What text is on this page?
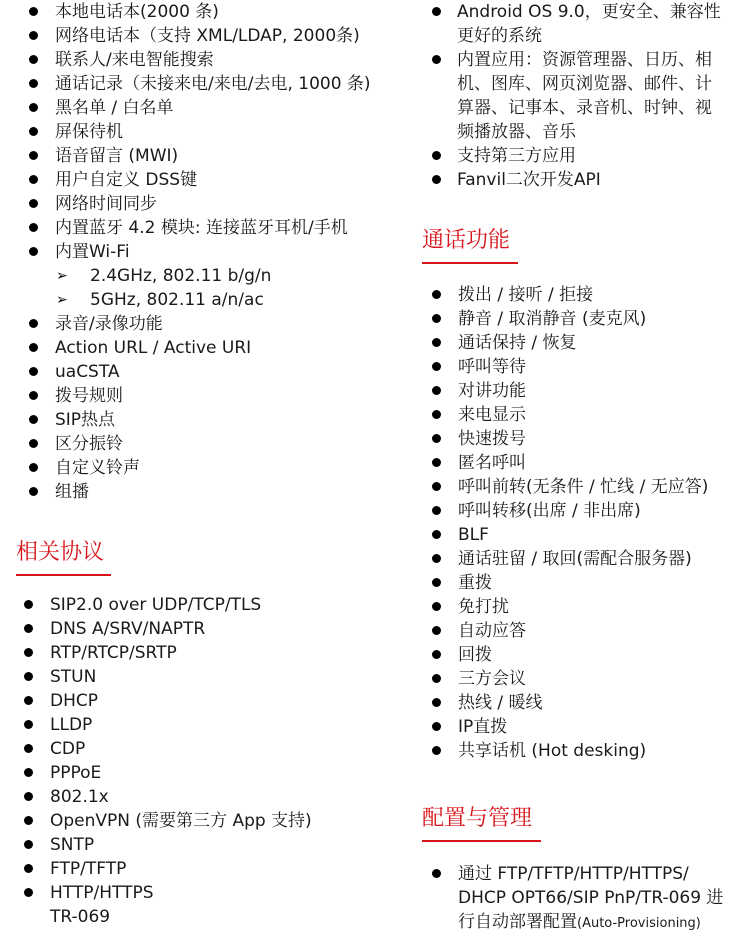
本地电话本(2000 条)
网络电话本（支持 XML/LDAP, 2000条)
联系人/来电智能搜索
通话记录（未接来电/来电/去电, 1000 条)
黑名单 / 白名单
屏保待机
语音留言 (MWI)
用户自定义 DSS键
网络时间同步
内置蓝牙 4.2 模块: 连接蓝牙耳机/手机
内置Wi-Fi
➢ 2.4GHz, 802.11 b/g/n
➢ 5GHz, 802.11 a/n/ac
录音/录像功能
Action URL / Active URI
uaCSTA
拨号规则
SIP热点
区分振铃
自定义铃声
组播
相关协议
SIP2.0 over UDP/TCP/TLS
DNS A/SRV/NAPTR
RTP/RTCP/SRTP
STUN
DHCP
LLDP
CDP
PPPoE
802.1x
OpenVPN (需要第三方 App 支持)
SNTP
FTP/TFTP
HTTP/HTTPS
TR-069
Android OS 9.0，更安全、兼容性更好的系统
内置应用：资源管理器、日历、相机、图库、网页浏览器、邮件、计算器、记事本、录音机、时钟、视频播放器、音乐
支持第三方应用
Fanvil二次开发API
通话功能
拨出 / 接听 / 拒接
静音 / 取消静音 (麦克风)
通话保持 / 恢复
呼叫等待
对讲功能
来电显示
快速拨号
匿名呼叫
呼叫前转(无条件 / 忙线 / 无应答)
呼叫转移(出席 / 非出席)
BLF
通话驻留 / 取回(需配合服务器)
重拨
免打扰
自动应答
回拨
三方会议
热线 / 暖线
IP直拨
共享话机 (Hot desking)
配置与管理
通过 FTP/TFTP/HTTP/HTTPS/ DHCP OPT66/SIP PnP/TR-069 进行自动部署配置(Auto-Provisioning)
